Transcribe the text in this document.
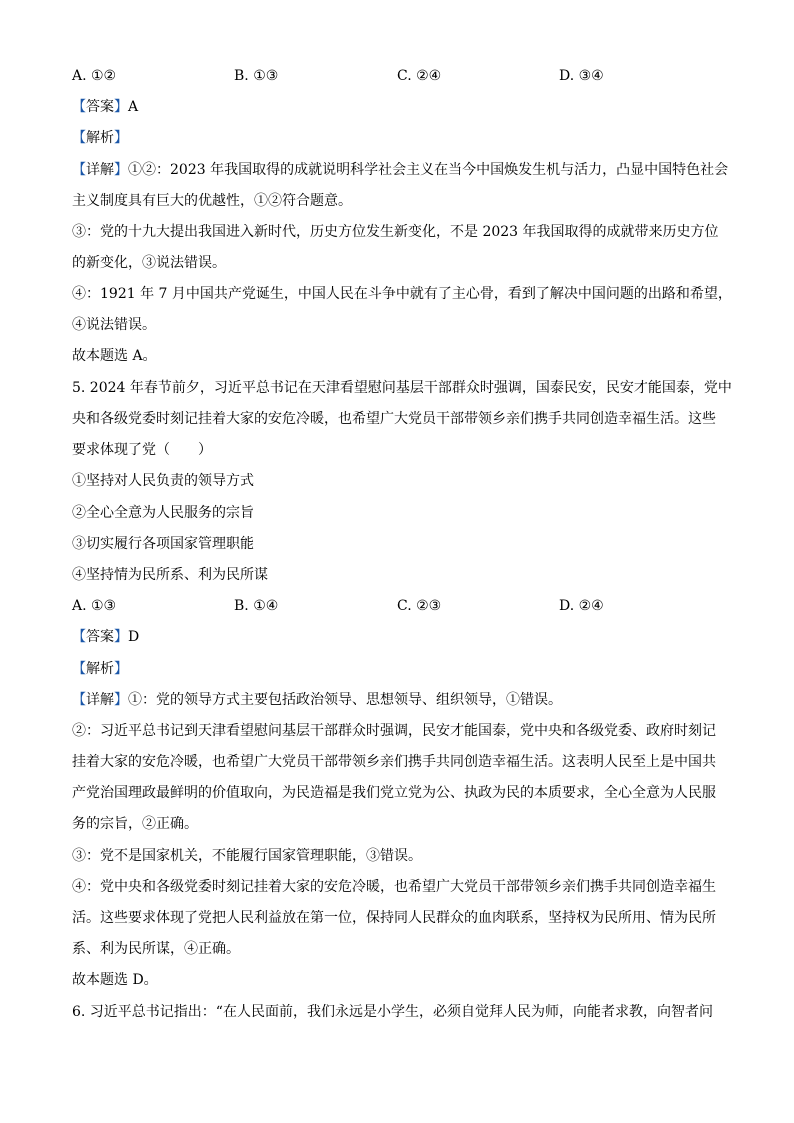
A. ①②	B. ①③	C. ②④	D. ③④
【答案】A
【解析】
【详解】①②：2023 年我国取得的成就说明科学社会主义在当今中国焕发生机与活力，凸显中国特色社会
主义制度具有巨大的优越性，①②符合题意。
③：党的十九大提出我国进入新时代，历史方位发生新变化，不是 2023 年我国取得的成就带来历史方位
的新变化，③说法错误。
④：1921 年 7 月中国共产党诞生，中国人民在斗争中就有了主心骨，看到了解决中国问题的出路和希望，
④说法错误。
故本题选 A。
5. 2024 年春节前夕，习近平总书记在天津看望慰问基层干部群众时强调，国泰民安，民安才能国泰，党中
央和各级党委时刻记挂着大家的安危冷暖，也希望广大党员干部带领乡亲们携手共同创造幸福生活。这些
要求体现了党（　　）
①坚持对人民负责的领导方式
②全心全意为人民服务的宗旨
③切实履行各项国家管理职能
④坚持情为民所系、利为民所谋
A. ①③	B. ①④	C. ②③	D. ②④
【答案】D
【解析】
【详解】①：党的领导方式主要包括政治领导、思想领导、组织领导，①错误。
②：习近平总书记到天津看望慰问基层干部群众时强调，民安才能国泰，党中央和各级党委、政府时刻记
挂着大家的安危冷暖，也希望广大党员干部带领乡亲们携手共同创造幸福生活。这表明人民至上是中国共
产党治国理政最鲜明的价值取向，为民造福是我们党立党为公、执政为民的本质要求，全心全意为人民服
务的宗旨，②正确。
③：党不是国家机关，不能履行国家管理职能，③错误。
④：党中央和各级党委时刻记挂着大家的安危冷暖，也希望广大党员干部带领乡亲们携手共同创造幸福生
活。这些要求体现了党把人民利益放在第一位，保持同人民群众的血肉联系，坚持权为民所用、情为民所
系、利为民所谋，④正确。
故本题选 D。
6. 习近平总书记指出：“在人民面前，我们永远是小学生，必须自觉拜人民为师，向能者求教，向智者问
